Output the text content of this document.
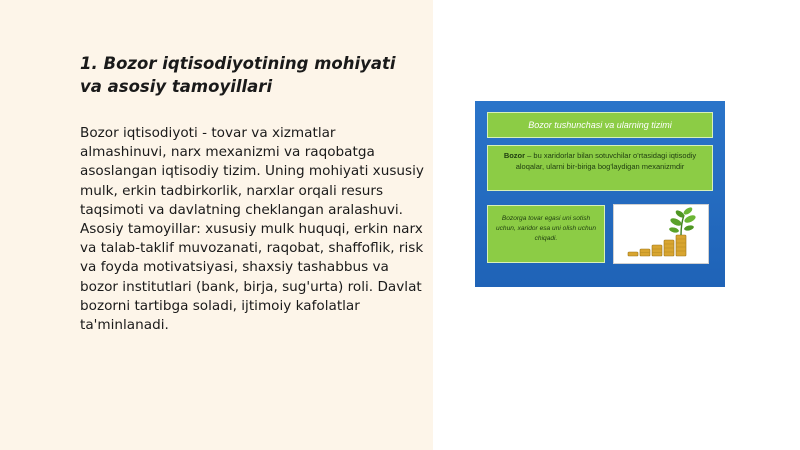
1. Bozor iqtisodiyotining mohiyati va asosiy tamoyillari

Bozor iqtisodiyoti - tovar va xizmatlar almashinuvi, narx mexanizmi va raqobatga asoslangan iqtisodiy tizim. Uning mohiyati xususiy mulk, erkin tadbirkorlik, narxlar orqali resurs taqsimoti va davlatning cheklangan aralashuvi. Asosiy tamoyillar: xususiy mulk huquqi, erkin narx va talab-taklif muvozanati, raqobat, shaffoflik, risk va foyda motivatsiyasi, shaxsiy tashabbus va bozor institutlari (bank, birja, sug'urta) roli. Davlat bozorni tartibga soladi, ijtimoiy kafolatlar ta'minlanadi.

Bozor tushunchasi va ularning tizimi
Bozor – bu xaridorlar bilan sotuvchilar o'rtasidagi iqtisodiy aloqalar, ularni bir-biriga bog'laydigan mexanizmdir
Bozorga tovar egasi uni sotish uchun, xaridor esa uni olish uchun chiqadi.
